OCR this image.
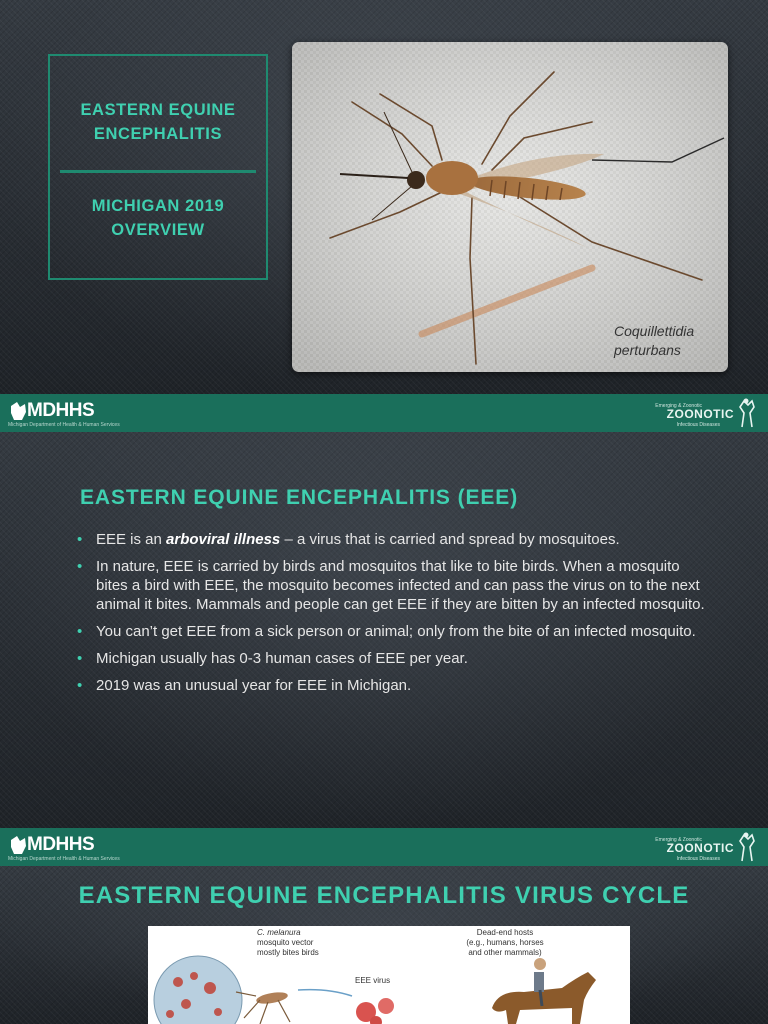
EASTERN EQUINE
ENCEPHALITIS
MICHIGAN 2019
OVERVIEW
Coquillettidia
perturbans
MDHHS
Michigan Department of Health & Human Services
Emerging & Zoonotic
ZOONOTIC
Infectious Diseases
EASTERN EQUINE ENCEPHALITIS (EEE)
• EEE is an arboviral illness – a virus that is carried and spread by mosquitoes.
• In nature, EEE is carried by birds and mosquitos that like to bite birds. When a mosquito bites a bird with EEE, the mosquito becomes infected and can pass the virus on to the next animal it bites. Mammals and people can get EEE if they are bitten by an infected mosquito.
• You can’t get EEE from a sick person or animal; only from the bite of an infected mosquito.
• Michigan usually has 0-3 human cases of EEE per year.
• 2019 was an unusual year for EEE in Michigan.
MDHHS
Michigan Department of Health & Human Services
Emerging & Zoonotic
ZOONOTIC
Infectious Diseases
EASTERN EQUINE ENCEPHALITIS VIRUS CYCLE
C. melanura
mosquito vector
mostly bites birds
EEE virus
Dead-end hosts
(e.g., humans, horses
and other mammals)
